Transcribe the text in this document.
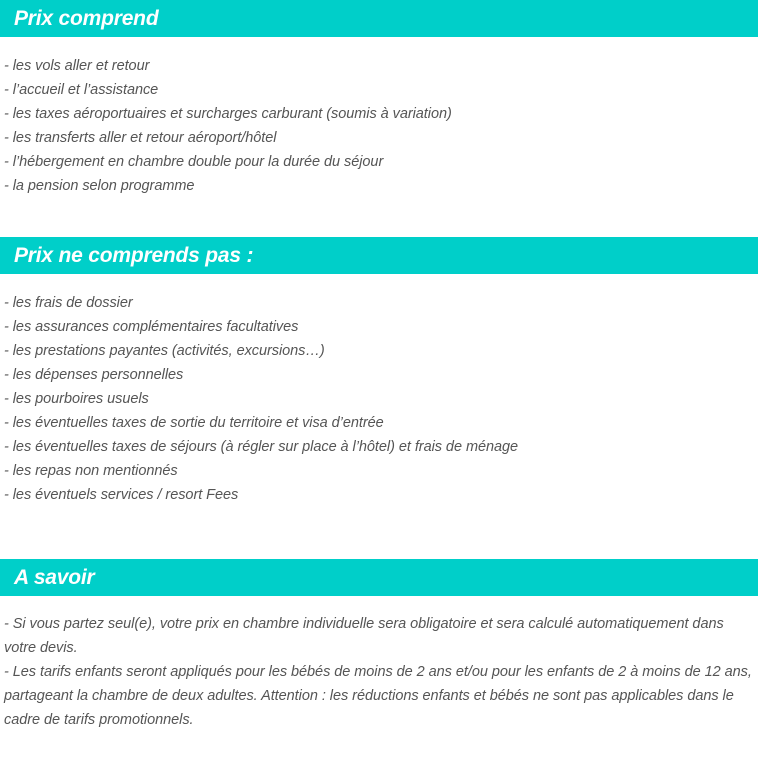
Prix comprend
- les vols aller et retour
- l’accueil et l’assistance
- les taxes aéroportuaires et surcharges carburant (soumis à variation)
- les transferts aller et retour aéroport/hôtel
- l’hébergement en chambre double pour la durée du séjour
- la pension selon programme
Prix ne comprends pas :
- les frais de dossier
- les assurances complémentaires facultatives
- les prestations payantes (activités, excursions…)
- les dépenses personnelles
- les pourboires usuels
- les éventuelles taxes de sortie du territoire et visa d’entrée
- les éventuelles taxes de séjours (à régler sur place à l’hôtel) et frais de ménage
- les repas non mentionnés
- les éventuels services / resort Fees
A savoir
- Si vous partez seul(e), votre prix en chambre individuelle sera obligatoire et sera calculé automatiquement dans votre devis.
- Les tarifs enfants seront appliqués pour les bébés de moins de 2 ans et/ou pour les enfants de 2 à moins de 12 ans, partageant la chambre de deux adultes. Attention : les réductions enfants et bébés ne sont pas applicables dans le cadre de tarifs promotionnels.
